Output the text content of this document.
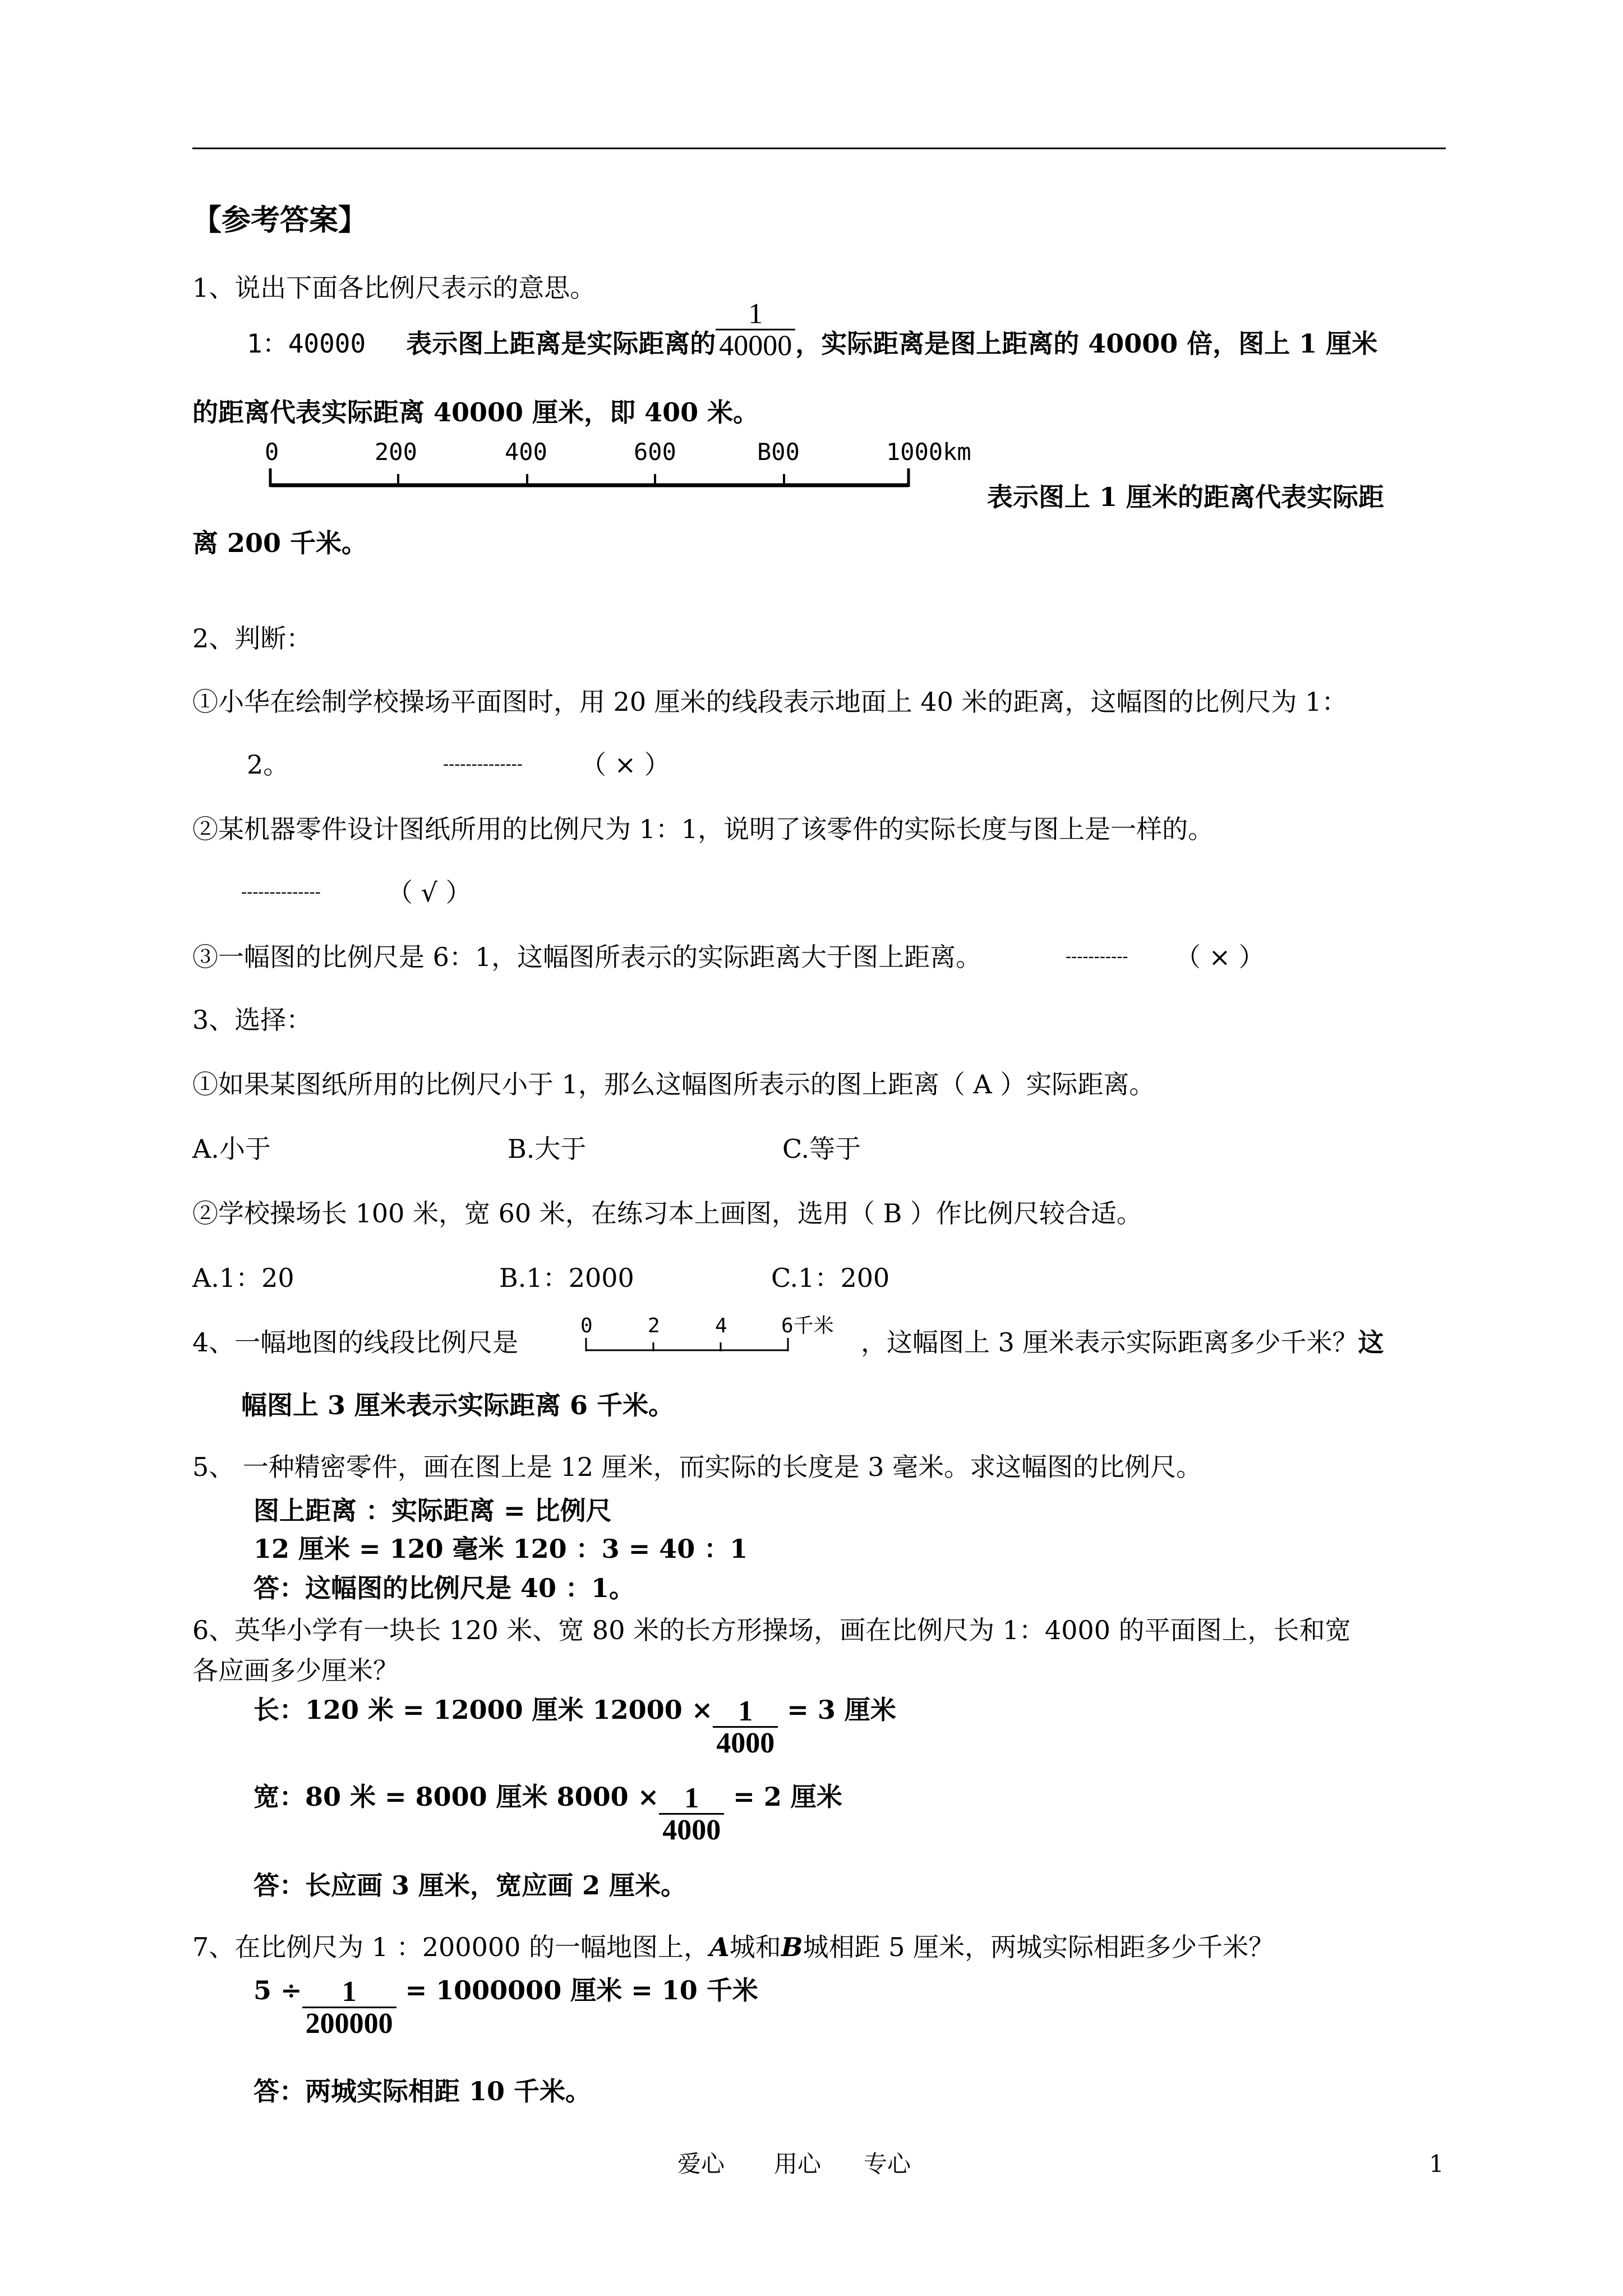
【参考答案】
1、说出下面各比例尺表示的意思。
1：40000 表示图上距离是实际距离的 $\frac{1}{40000}$ ，实际距离是图上距离的 40000 倍，图上 1 厘米
的距离代表实际距离 40000 厘米，即 400 米。
0	200	400	600	B00	1000km
表示图上 1 厘米的距离代表实际距
离 200 千米。
2、判断：
①小华在绘制学校操场平面图时，用 20 厘米的线段表示地面上 40 米的距离，这幅图的比例尺为 1：
2。	-------------- （ × ）
②某机器零件设计图纸所用的比例尺为 1：1，说明了该零件的实际长度与图上是一样的。
--------------	（ √ ）
③一幅图的比例尺是 6：1，这幅图所表示的实际距离大于图上距离。	----------- （ × ）
3、选择：
①如果某图纸所用的比例尺小于 1，那么这幅图所表示的图上距离（ A ）实际距离。
A.小于	B.大于	C.等于
②学校操场长 100 米，宽 60 米，在练习本上画图，选用（ B ）作比例尺较合适。
A.1：20	B.1：2000	C.1：200
4、一幅地图的线段比例尺是
0	2	4	6千米
，这幅图上 3 厘米表示实际距离多少千米？这
幅图上 3 厘米表示实际距离 6 千米。
5、 一种精密零件，画在图上是 12 厘米，而实际的长度是 3 毫米。求这幅图的比例尺。
图上距离 ：实际距离 = 比例尺
12 厘米 = 120 毫米 120 ：3 = 40 ：1
答：这幅图的比例尺是 40 ：1。
6、英华小学有一块长 120 米、宽 80 米的长方形操场，画在比例尺为 1：4000 的平面图上，长和宽
各应画多少厘米？
长：120 米 = 12000 厘米 $12000 \times \frac{1}{4000} = 3$ 厘米
宽：80 米 = 8000 厘米 $8000 \times \frac{1}{4000} = 2$ 厘米
答：长应画 3 厘米，宽应画 2 厘米。
7、在比例尺为 1 ：200000 的一幅地图上，A城和B城相距 5 厘米，两城实际相距多少千米？
$5 \div \frac{1}{200000} = 1000000$ 厘米 = 10 千米
答：两城实际相距 10 千米。
爱心 用心 专心	1
